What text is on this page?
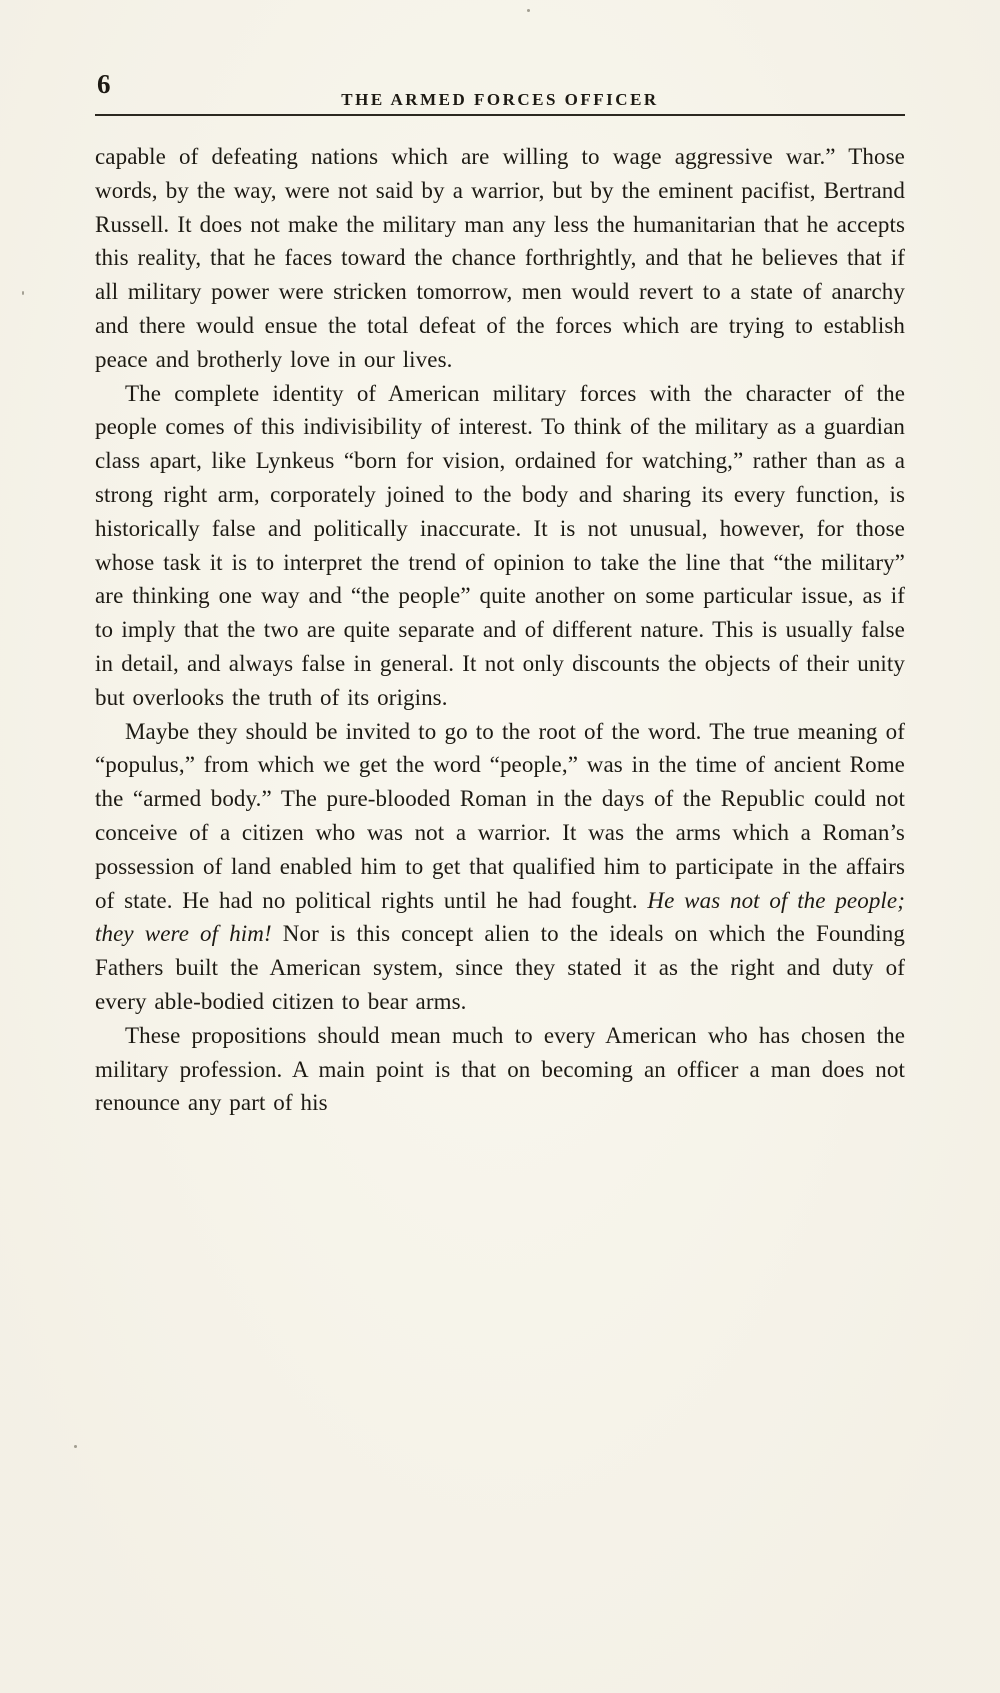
6
THE ARMED FORCES OFFICER

capable of defeating nations which are willing to wage aggressive war.” Those words, by the way, were not said by a warrior, but by the eminent pacifist, Bertrand Russell. It does not make the military man any less the humanitarian that he accepts this reality, that he faces toward the chance forthrightly, and that he believes that if all military power were stricken tomorrow, men would revert to a state of anarchy and there would ensue the total defeat of the forces which are trying to establish peace and brotherly love in our lives.

The complete identity of American military forces with the character of the people comes of this indivisibility of interest. To think of the military as a guardian class apart, like Lynkeus “born for vision, ordained for watching,” rather than as a strong right arm, corporately joined to the body and sharing its every function, is historically false and politically inaccurate. It is not unusual, however, for those whose task it is to interpret the trend of opinion to take the line that “the military” are thinking one way and “the people” quite another on some particular issue, as if to imply that the two are quite separate and of different nature. This is usually false in detail, and always false in general. It not only discounts the objects of their unity but overlooks the truth of its origins.

Maybe they should be invited to go to the root of the word. The true meaning of “populus,” from which we get the word “people,” was in the time of ancient Rome the “armed body.” The pure-blooded Roman in the days of the Republic could not conceive of a citizen who was not a warrior. It was the arms which a Roman’s possession of land enabled him to get that qualified him to participate in the affairs of state. He had no political rights until he had fought. He was not of the people; they were of him! Nor is this concept alien to the ideals on which the Founding Fathers built the American system, since they stated it as the right and duty of every able-bodied citizen to bear arms.

These propositions should mean much to every American who has chosen the military profession. A main point is that on becoming an officer a man does not renounce any part of his
